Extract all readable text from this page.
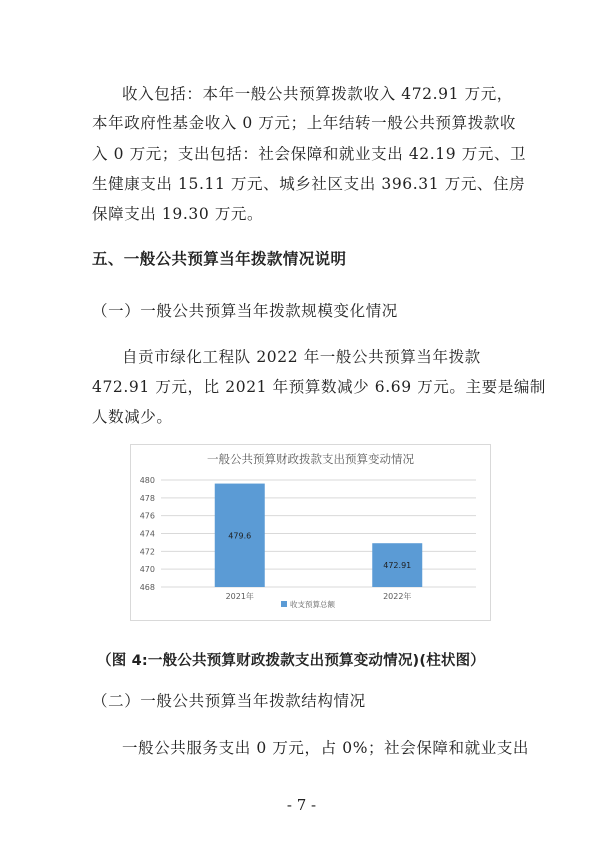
收入包括：本年一般公共预算拨款收入 472.91 万元，

本年政府性基金收入 0 万元；上年结转一般公共预算拨款收

入 0 万元；支出包括：社会保障和就业支出 42.19 万元、卫

生健康支出 15.11 万元、城乡社区支出 396.31 万元、住房

保障支出 19.30 万元。

五、一般公共预算当年拨款情况说明

（一）一般公共预算当年拨款规模变化情况

自贡市绿化工程队 2022 年一般公共预算当年拨款

472.91 万元，比 2021 年预算数减少 6.69 万元。主要是编制

人数减少。

一般公共预算财政拨款支出预算变动情况
468
470
472
474
476
478
480
479.6
2021年
472.91
2022年
收支预算总额
（图 4:一般公共预算财政拨款支出预算变动情况)(柱状图）

（二）一般公共预算当年拨款结构情况

一般公共服务支出 0 万元，占 0%；社会保障和就业支出

- 7 -
